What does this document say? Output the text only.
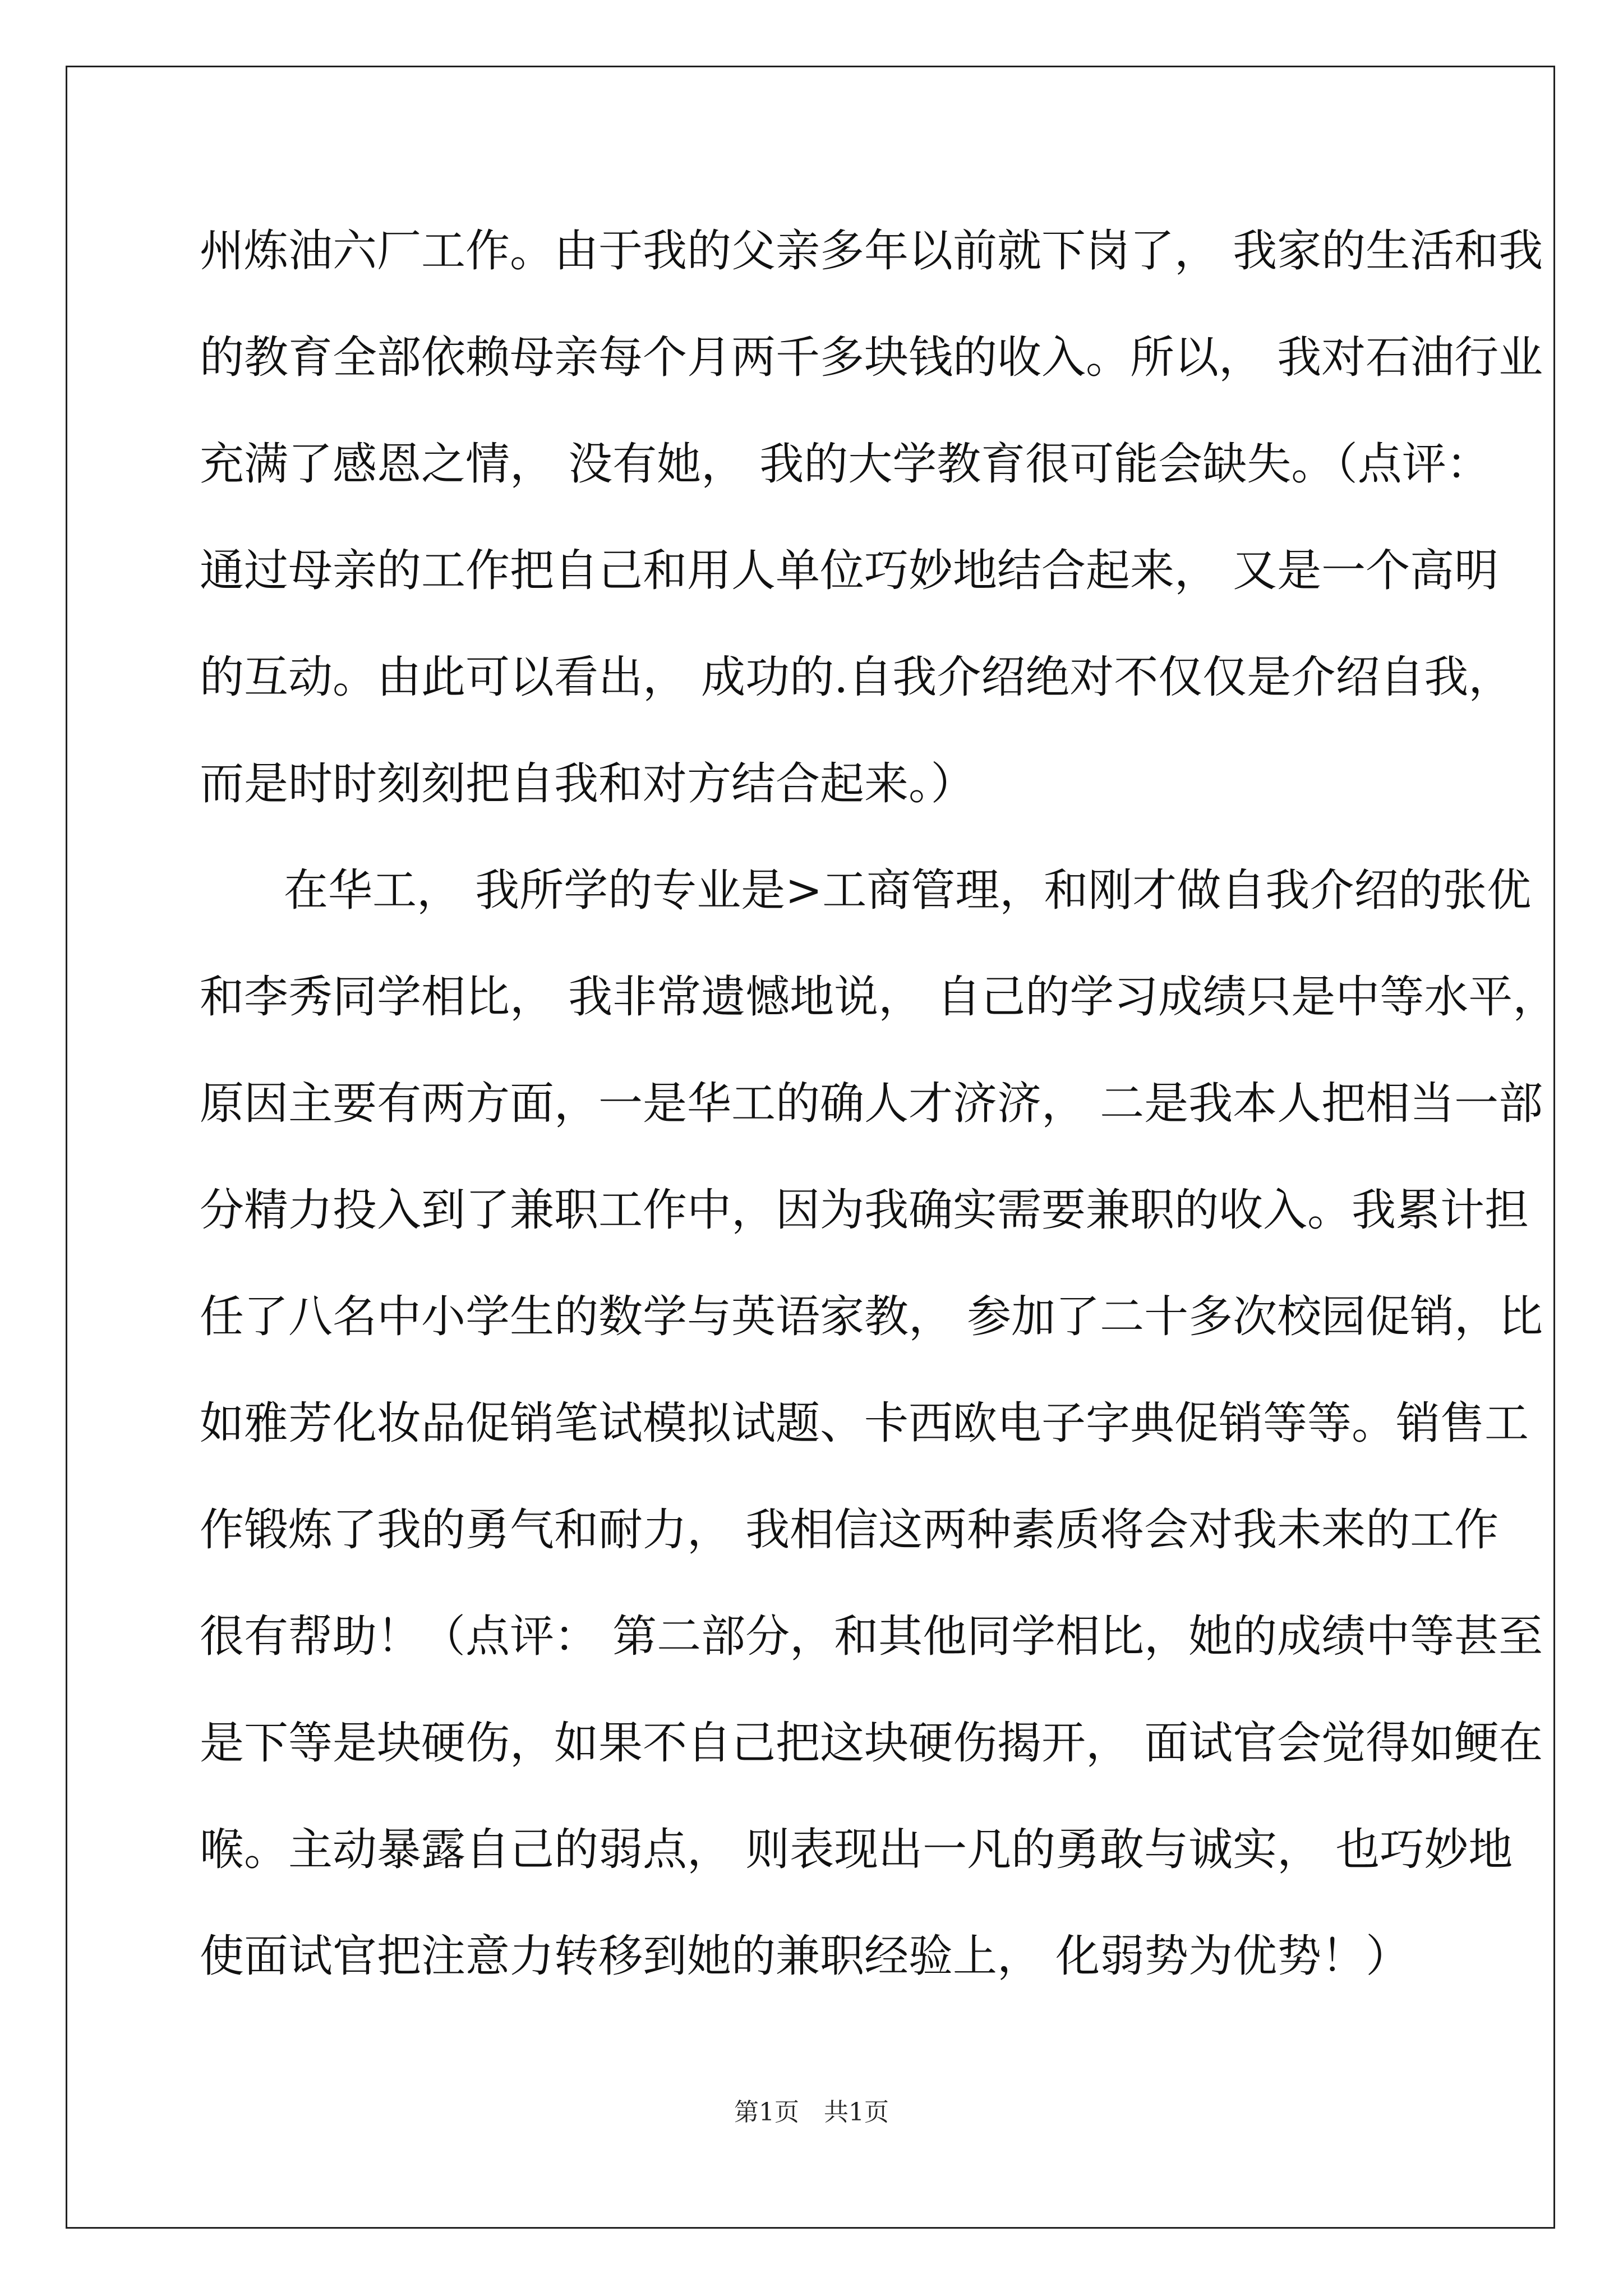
州炼油六厂工作。由于我的父亲多年以前就下岗了， 我家的生活和我
的教育全部依赖母亲每个月两千多块钱的收入。所以， 我对石油行业
充满了感恩之情， 没有她， 我的大学教育很可能会缺失。（点评：
通过母亲的工作把自己和用人单位巧妙地结合起来， 又是一个高明
的互动。由此可以看出， 成功的.自我介绍绝对不仅仅是介绍自我，
而是时时刻刻把自我和对方结合起来。）
在华工， 我所学的专业是>工商管理，和刚才做自我介绍的张优
和李秀同学相比， 我非常遗憾地说， 自己的学习成绩只是中等水平，
原因主要有两方面，一是华工的确人才济济， 二是我本人把相当一部
分精力投入到了兼职工作中，因为我确实需要兼职的收入。我累计担
任了八名中小学生的数学与英语家教， 参加了二十多次校园促销，比
如雅芳化妆品促销笔试模拟试题、卡西欧电子字典促销等等。销售工
作锻炼了我的勇气和耐力， 我相信这两种素质将会对我未来的工作
很有帮助！（点评： 第二部分，和其他同学相比，她的成绩中等甚至
是下等是块硬伤，如果不自己把这块硬伤揭开， 面试官会觉得如鲠在
喉。主动暴露自己的弱点， 则表现出一凡的勇敢与诚实， 也巧妙地
使面试官把注意力转移到她的兼职经验上， 化弱势为优势！）
第1页　共1页
